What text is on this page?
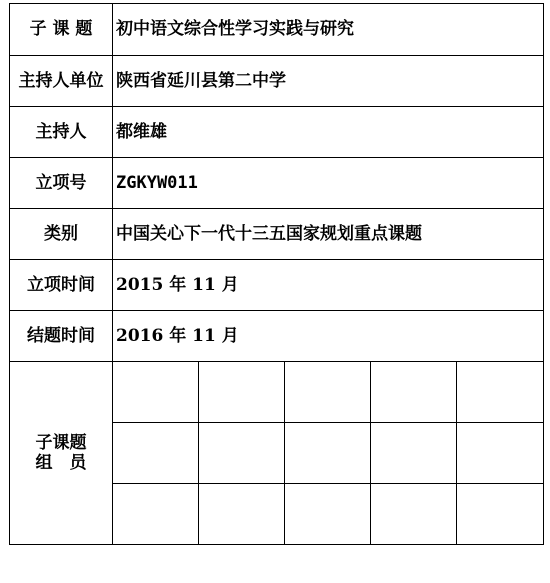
子 课 题	初中语文综合性学习实践与研究				
主持人单位	陕西省延川县第二中学				
主持人	都维雄				
立项号	ZGKYW011				
类别	中国关心下一代十三五国家规划重点课题				
立项时间	2015 年 11 月				
结题时间	2016 年 11 月				

子课题
组　员					
